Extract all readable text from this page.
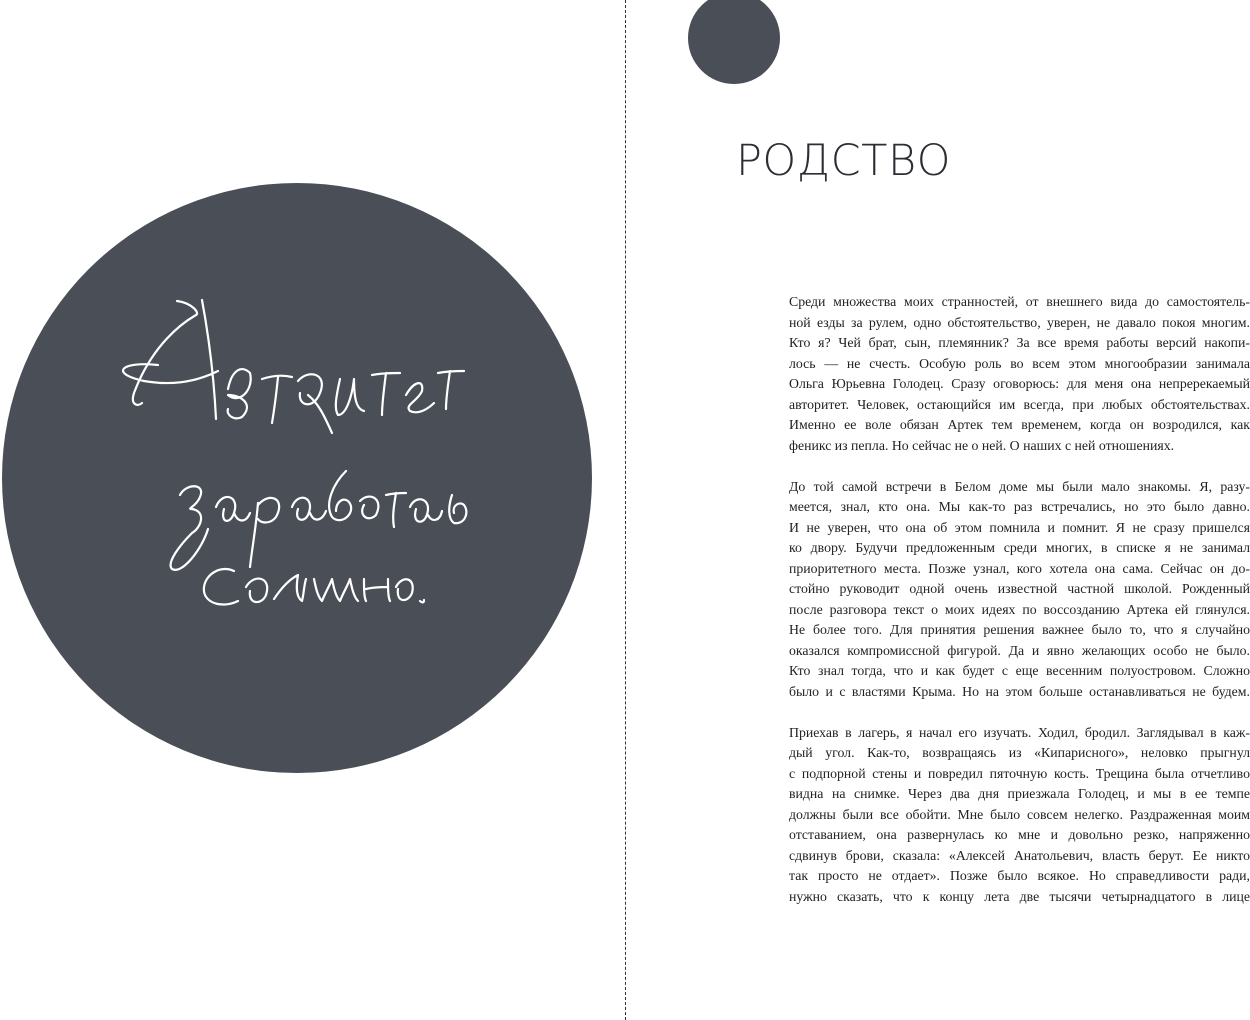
РОДСТВО

Среди множества моих странностей, от внешнего вида до самостоятель-
ной езды за рулем, одно обстоятельство, уверен, не давало покоя многим.
Кто я? Чей брат, сын, племянник? За все время работы версий накопи-
лось — не счесть. Особую роль во всем этом многообразии занимала
Ольга Юрьевна Голодец. Сразу оговорюсь: для меня она непререкаемый
авторитет. Человек, остающийся им всегда, при любых обстоятельствах.
Именно ее воле обязан Артек тем временем, когда он возродился, как
феникс из пепла. Но сейчас не о ней. О наших с ней отношениях.

До той самой встречи в Белом доме мы были мало знакомы. Я, разу-
меется, знал, кто она. Мы как-то раз встречались, но это было давно.
И не уверен, что она об этом помнила и помнит. Я не сразу пришелся
ко двору. Будучи предложенным среди многих, в списке я не занимал
приоритетного места. Позже узнал, кого хотела она сама. Сейчас он до-
стойно руководит одной очень известной частной школой. Рожденный
после разговора текст о моих идеях по воссозданию Артека ей глянулся.
Не более того. Для принятия решения важнее было то, что я случайно
оказался компромиссной фигурой. Да и явно желающих особо не было.
Кто знал тогда, что и как будет с еще весенним полуостровом. Сложно
было и с властями Крыма. Но на этом больше останавливаться не будем.

Приехав в лагерь, я начал его изучать. Ходил, бродил. Заглядывал в каж-
дый угол. Как-то, возвращаясь из «Кипарисного», неловко прыгнул
с подпорной стены и повредил пяточную кость. Трещина была отчетливо
видна на снимке. Через два дня приезжала Голодец, и мы в ее темпе
должны были все обойти. Мне было совсем нелегко. Раздраженная моим
отставанием, она развернулась ко мне и довольно резко, напряженно
сдвинув брови, сказала: «Алексей Анатольевич, власть берут. Ее никто
так просто не отдает». Позже было всякое. Но справедливости ради,
нужно сказать, что к концу лета две тысячи четырнадцатого в лице
